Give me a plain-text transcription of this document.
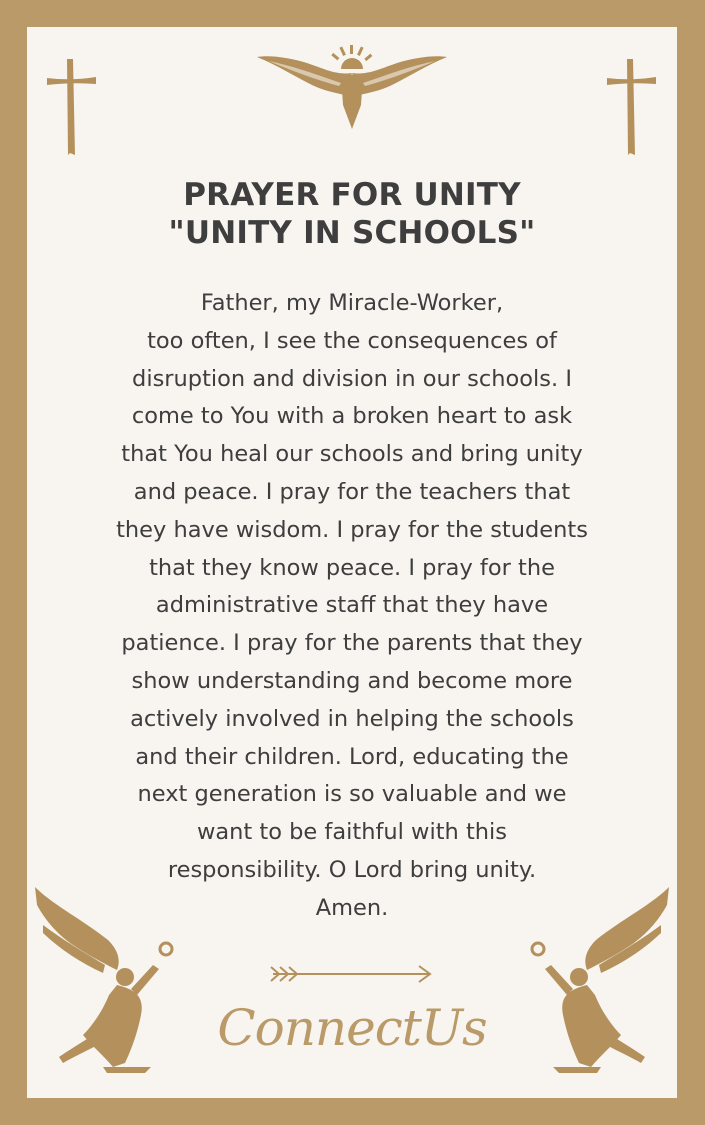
PRAYER FOR UNITY
"UNITY IN SCHOOLS"

Father, my Miracle-Worker,
too often, I see the consequences of
disruption and division in our schools. I
come to You with a broken heart to ask
that You heal our schools and bring unity
and peace. I pray for the teachers that
they have wisdom. I pray for the students
that they know peace. I pray for the
administrative staff that they have
patience. I pray for the parents that they
show understanding and become more
actively involved in helping the schools
and their children. Lord, educating the
next generation is so valuable and we
want to be faithful with this
responsibility. O Lord bring unity.
Amen.

ConnectUs
